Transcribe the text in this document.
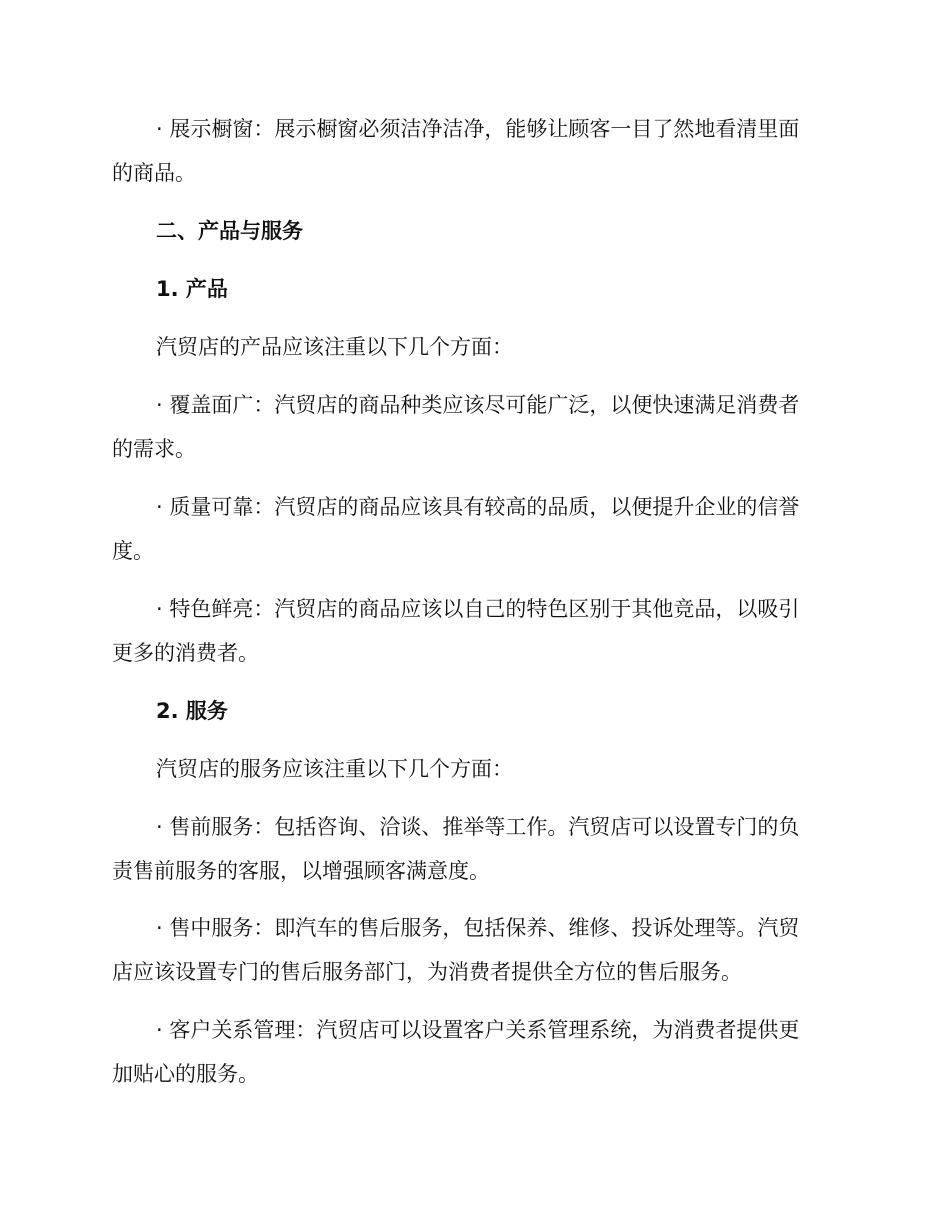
· 展示橱窗：展示橱窗必须洁净洁净，能够让顾客一目了然地看清里面
的商品。
二、产品与服务
1. 产品
汽贸店的产品应该注重以下几个方面：
· 覆盖面广：汽贸店的商品种类应该尽可能广泛，以便快速满足消费者
的需求。
· 质量可靠：汽贸店的商品应该具有较高的品质，以便提升企业的信誉
度。
· 特色鲜亮：汽贸店的商品应该以自己的特色区别于其他竞品，以吸引
更多的消费者。
2. 服务
汽贸店的服务应该注重以下几个方面：
· 售前服务：包括咨询、洽谈、推举等工作。汽贸店可以设置专门的负
责售前服务的客服，以增强顾客满意度。
· 售中服务：即汽车的售后服务，包括保养、维修、投诉处理等。汽贸
店应该设置专门的售后服务部门，为消费者提供全方位的售后服务。
· 客户关系管理：汽贸店可以设置客户关系管理系统，为消费者提供更
加贴心的服务。
